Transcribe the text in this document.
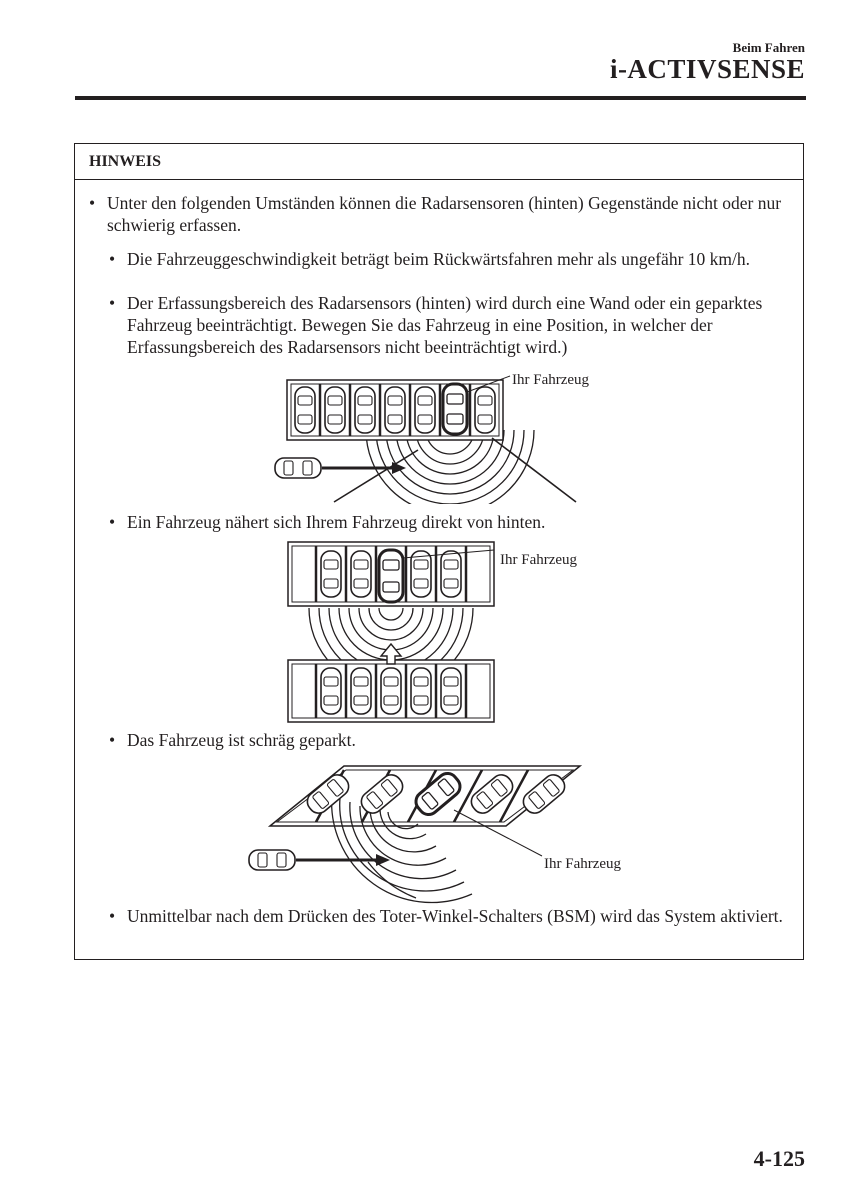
Beim Fahren
i-ACTIVSENSE
HINWEIS
• Unter den folgenden Umständen können die Radarsensoren (hinten) Gegenstände nicht oder nur schwierig erfassen.
• Die Fahrzeuggeschwindigkeit beträgt beim Rückwärtsfahren mehr als ungefähr 10 km/h.
• Der Erfassungsbereich des Radarsensors (hinten) wird durch eine Wand oder ein geparktes Fahrzeug beeinträchtigt. Bewegen Sie das Fahrzeug in eine Position, in welcher der Erfassungsbereich des Radarsensors nicht beeinträchtigt wird.)
• Ein Fahrzeug nähert sich Ihrem Fahrzeug direkt von hinten.
• Das Fahrzeug ist schräg geparkt.
• Unmittelbar nach dem Drücken des Toter-Winkel-Schalters (BSM) wird das System aktiviert.
Ihr Fahrzeug
Ihr Fahrzeug
Ihr Fahrzeug
4-125
